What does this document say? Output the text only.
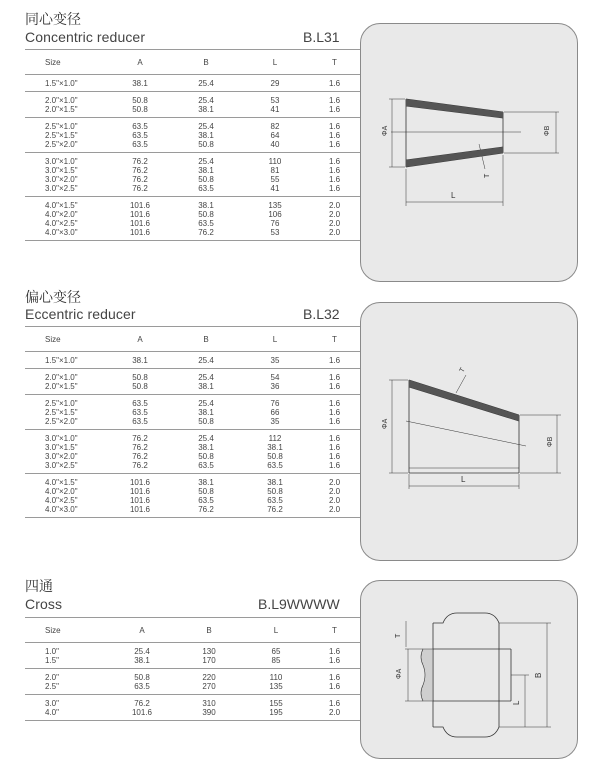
同心变径
Concentric reducer	B.L31
Size	A	B	L	T
1.5"×1.0"	38.1	25.4	29	1.6
2.0"×1.0"	50.8	25.4	53	1.6
2.0"×1.5"	50.8	38.1	41	1.6
2.5"×1.0"	63.5	25.4	82	1.6
2.5"×1.5"	63.5	38.1	64	1.6
2.5"×2.0"	63.5	50.8	40	1.6
3.0"×1.0"	76.2	25.4	110	1.6
3.0"×1.5"	76.2	38.1	81	1.6
3.0"×2.0"	76.2	50.8	55	1.6
3.0"×2.5"	76.2	63.5	41	1.6
4.0"×1.5"	101.6	38.1	135	2.0
4.0"×2.0"	101.6	50.8	106	2.0
4.0"×2.5"	101.6	63.5	76	2.0
4.0"×3.0"	101.6	76.2	53	2.0
ΦA	ΦB
L
T
偏心变径
Eccentric reducer	B.L32
Size	A	B	L	T
1.5"×1.0"	38.1	25.4	35	1.6
2.0"×1.0"	50.8	25.4	54	1.6
2.0"×1.5"	50.8	38.1	36	1.6
2.5"×1.0"	63.5	25.4	76	1.6
2.5"×1.5"	63.5	38.1	66	1.6
2.5"×2.0"	63.5	50.8	35	1.6
3.0"×1.0"	76.2	25.4	112	1.6
3.0"×1.5"	76.2	38.1	38.1	1.6
3.0"×2.0"	76.2	50.8	50.8	1.6
3.0"×2.5"	76.2	63.5	63.5	1.6
4.0"×1.5"	101.6	38.1	38.1	2.0
4.0"×2.0"	101.6	50.8	50.8	2.0
4.0"×2.5"	101.6	63.5	63.5	2.0
4.0"×3.0"	101.6	76.2	76.2	2.0
ΦA
ΦB
L
T
四通
Cross	B.L9WWWW
Size	A	B	L	T
1.0"	25.4	130	65	1.6
1.5"	38.1	170	85	1.6
2.0"	50.8	220	110	1.6
2.5"	63.5	270	135	1.6
3.0"	76.2	310	155	1.6
4.0"	101.6	390	195	2.0
ΦA	B
L
T
